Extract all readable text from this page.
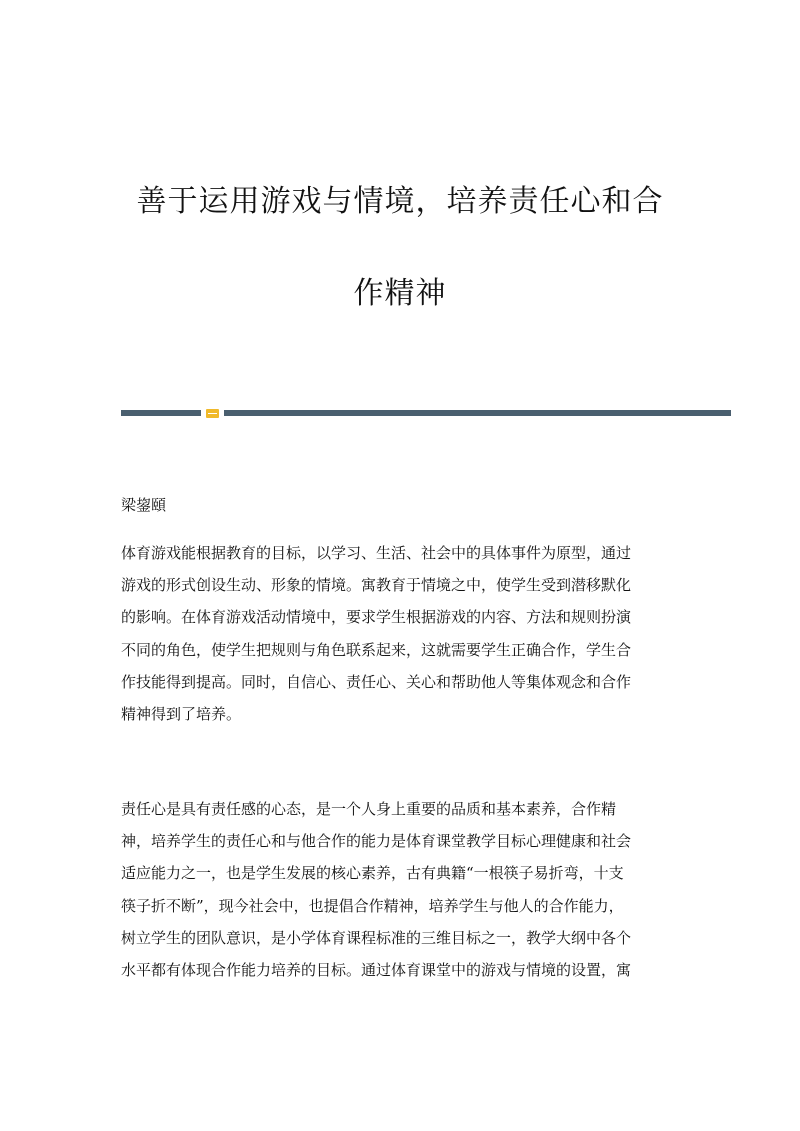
善于运用游戏与情境，培养责任心和合
作精神
梁鋆頤
体育游戏能根据教育的目标，以学习、生活、社会中的具体事件为原型，通过
游戏的形式创设生动、形象的情境。寓教育于情境之中，使学生受到潜移默化
的影响。在体育游戏活动情境中，要求学生根据游戏的内容、方法和规则扮演
不同的角色，使学生把规则与角色联系起来，这就需要学生正确合作，学生合
作技能得到提高。同时，自信心、责任心、关心和帮助他人等集体观念和合作
精神得到了培养。
责任心是具有责任感的心态，是一个人身上重要的品质和基本素养，合作精
神，培养学生的责任心和与他合作的能力是体育课堂教学目标心理健康和社会
适应能力之一，也是学生发展的核心素养，古有典籍“一根筷子易折弯，十支
筷子折不断”，现今社会中，也提倡合作精神，培养学生与他人的合作能力，
树立学生的团队意识，是小学体育课程标准的三维目标之一，教学大纲中各个
水平都有体现合作能力培养的目标。通过体育课堂中的游戏与情境的设置，寓
